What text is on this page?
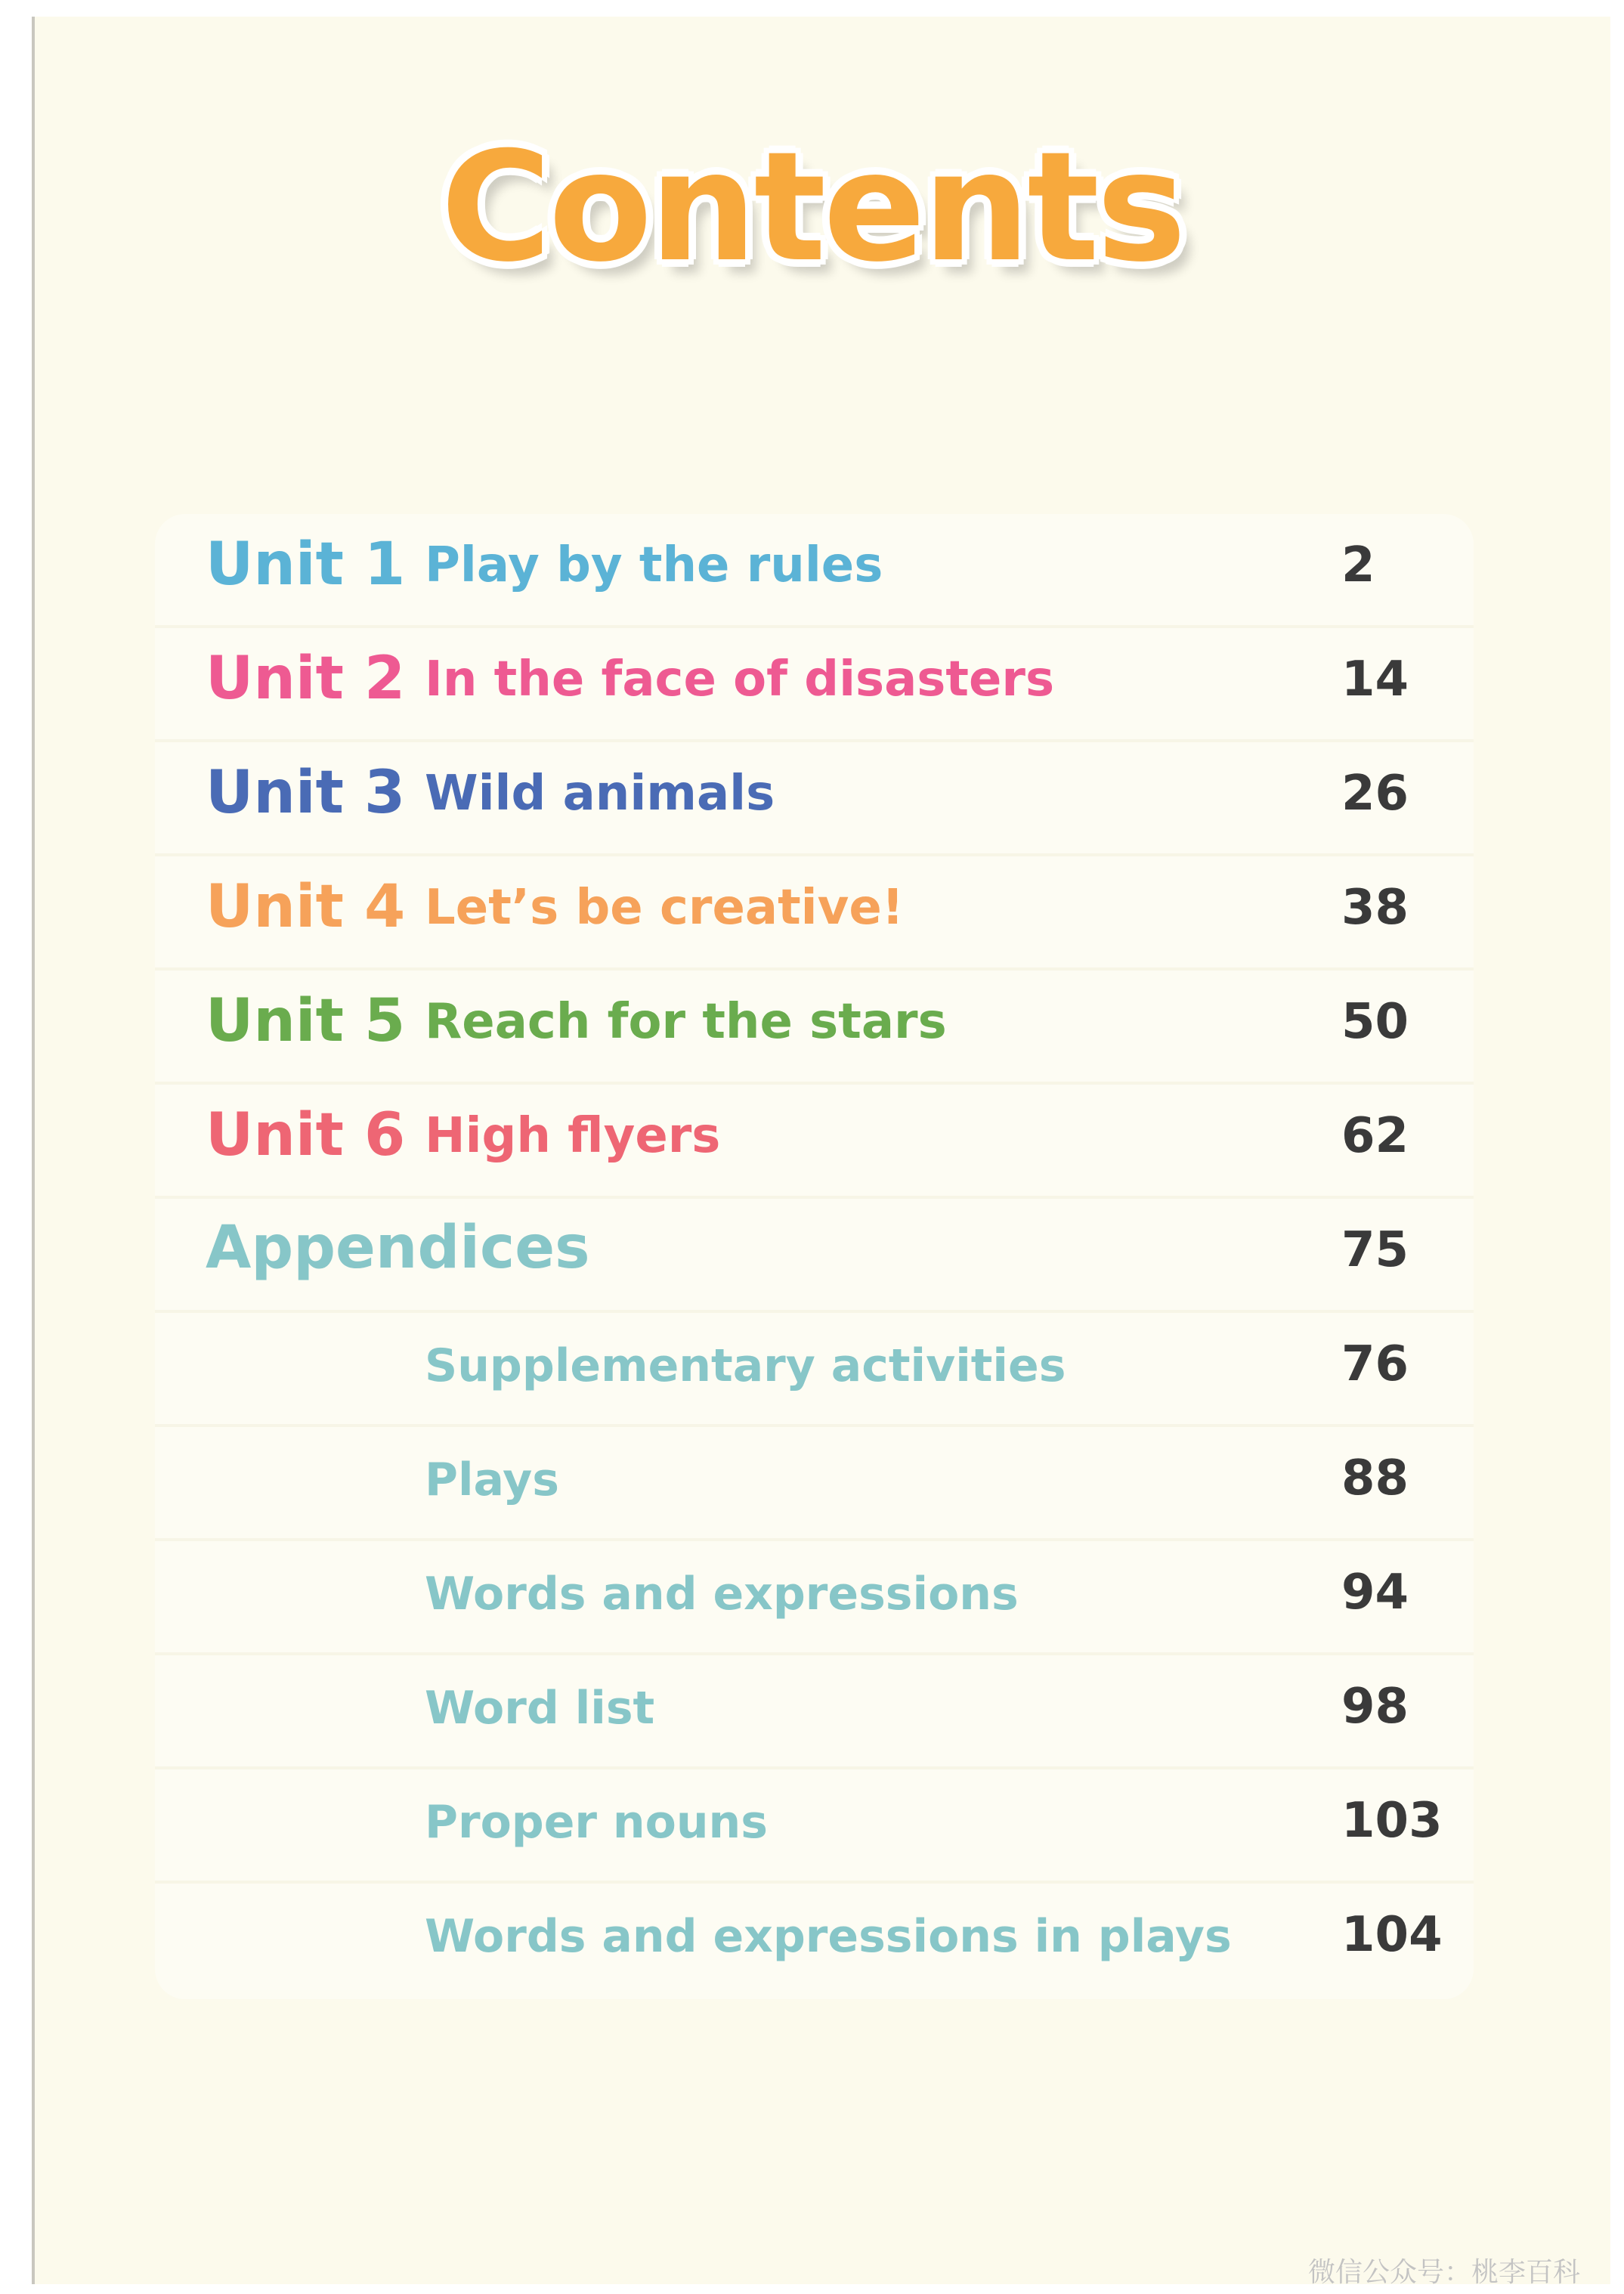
Contents
Unit 1 Play by the rules	2
Unit 2 In the face of disasters	14
Unit 3 Wild animals	26
Unit 4 Let’s be creative!	38
Unit 5 Reach for the stars	50
Unit 6 High flyers	62
Appendices	75
Supplementary activities	76
Plays	88
Words and expressions	94
Word list	98
Proper nouns	103
Words and expressions in plays 104
微信公众号：桃李百科
